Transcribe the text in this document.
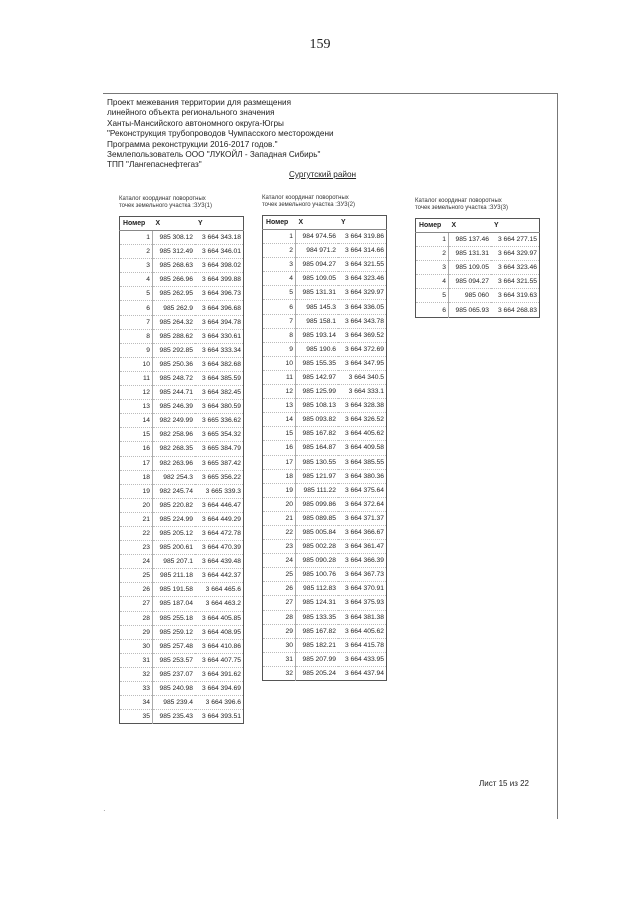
159
Проект межевания территории для размещения
линейного объекта регионального значения
Ханты-Мансийского автономного округа-Югры
"Реконструкция трубопроводов Чумпасского месторождени
Программа реконструкции 2016-2017 годов."
Землепользователь ООО "ЛУКОЙЛ - Западная Сибирь"
ТПП "Лангепаснефтегаз"
Сургутский район
Каталог координат поворотных
точек земельного участка :ЗУ3(1)
Номер	X	Y
1	985 308.12	3 664 343.18
2	985 312.49	3 664 346.01
3	985 268.63	3 664 398.02
4	985 266.96	3 664 399.88
5	985 262.95	3 664 396.73
6	985 262.9	3 664 396.68
7	985 264.32	3 664 394.78
8	985 288.62	3 664 330.61
9	985 292.85	3 664 333.34
10	985 250.36	3 664 382.68
11	985 248.72	3 664 385.59
12	985 244.71	3 664 382.45
13	985 246.39	3 664 380.59
14	982 249.99	3 665 336.62
15	982 258.96	3 665 354.32
16	982 268.35	3 665 384.79
17	982 263.96	3 665 387.42
18	982 254.3	3 665 356.22
19	982 245.74	3 665 339.3
20	985 220.82	3 664 446.47
21	985 224.99	3 664 449.29
22	985 205.12	3 664 472.78
23	985 200.61	3 664 470.39
24	985 207.1	3 664 439.48
25	985 211.18	3 664 442.37
26	985 191.58	3 664 465.6
27	985 187.04	3 664 463.2
28	985 255.18	3 664 405.85
29	985 259.12	3 664 408.95
30	985 257.48	3 664 410.86
31	985 253.57	3 664 407.75
32	985 237.07	3 664 391.62
33	985 240.98	3 664 394.69
34	985 239.4	3 664 396.6
35	985 235.43	3 664 393.51
Каталог координат поворотных
точек земельного участка :ЗУ3(2)
Номер	X	Y
1	984 974.56	3 664 319.86
2	984 971.2	3 664 314.66
3	985 094.27	3 664 321.55
4	985 109.05	3 664 323.46
5	985 131.31	3 664 329.97
6	985 145.3	3 664 336.05
7	985 158.1	3 664 343.78
8	985 193.14	3 664 369.52
9	985 190.6	3 664 372.69
10	985 155.35	3 664 347.95
11	985 142.97	3 664 340.5
12	985 125.99	3 664 333.1
13	985 108.13	3 664 328.38
14	985 093.82	3 664 326.52
15	985 167.82	3 664 405.62
16	985 164.87	3 664 409.58
17	985 130.55	3 664 385.55
18	985 121.97	3 664 380.36
19	985 111.22	3 664 375.64
20	985 099.86	3 664 372.64
21	985 089.85	3 664 371.37
22	985 005.84	3 664 366.67
23	985 002.28	3 664 361.47
24	985 090.28	3 664 366.39
25	985 100.76	3 664 367.73
26	985 112.83	3 664 370.91
27	985 124.31	3 664 375.93
28	985 133.35	3 664 381.38
29	985 167.82	3 664 405.62
30	985 182.21	3 664 415.78
31	985 207.99	3 664 433.95
32	985 205.24	3 664 437.94
Каталог координат поворотных
точек земельного участка :ЗУ3(3)
Номер	X	Y
1	985 137.46	3 664 277.15
2	985 131.31	3 664 329.97
3	985 109.05	3 664 323.46
4	985 094.27	3 664 321.55
5	985 060	3 664 319.63
6	985 065.93	3 664 268.83
Лист 15 из 22
·
